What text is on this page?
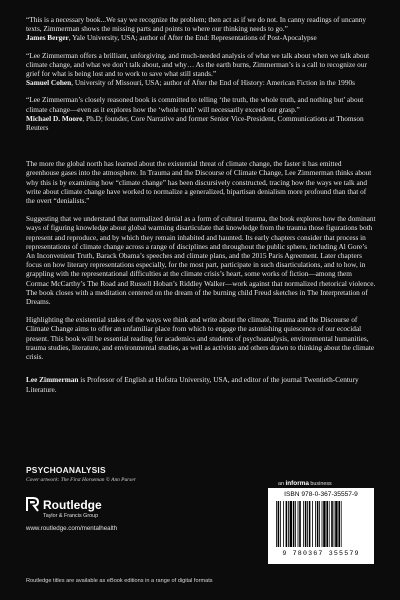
“This is a necessary book...We say we recognize the problem; then act as if we do not. In canny readings of uncanny texts, Zimmerman shows the missing parts and points to where our thinking needs to go.”
James Berger, Yale University, USA; author of After the End: Representations of Post-Apocalypse

“Lee Zimmerman offers a brilliant, unforgiving, and much-needed analysis of what we talk about when we talk about climate change, and what we don’t talk about, and why… As the earth burns, Zimmerman’s is a call to recognize our grief for what is being lost and to work to save what still stands.”
Samuel Cohen, University of Missouri, USA; author of After the End of History: American Fiction in the 1990s

“Lee Zimmerman’s closely reasoned book is committed to telling ‘the truth, the whole truth, and nothing but’ about climate change—even as it explores how the ‘whole truth’ will necessarily exceed our grasp.”
Michael D. Moore, Ph.D; founder, Core Narrative and former Senior Vice-President, Communications at Thomson Reuters

The more the global north has learned about the existential threat of climate change, the faster it has emitted greenhouse gases into the atmosphere. In Trauma and the Discourse of Climate Change, Lee Zimmerman thinks about why this is by examining how “climate change” has been discursively constructed, tracing how the ways we talk and write about climate change have worked to normalize a generalized, bipartisan denialism more profound than that of the overt “denialists.”

Suggesting that we understand that normalized denial as a form of cultural trauma, the book explores how the dominant ways of figuring knowledge about global warming disarticulate that knowledge from the trauma those figurations both represent and reproduce, and by which they remain inhabited and haunted. Its early chapters consider that process in representations of climate change across a range of disciplines and throughout the public sphere, including Al Gore’s An Inconvenient Truth, Barack Obama’s speeches and climate plans, and the 2015 Paris Agreement. Later chapters focus on how literary representations especially, for the most part, participate in such disarticulations, and to how, in grappling with the representational difficulties at the climate crisis’s heart, some works of fiction—among them Cormac McCarthy’s The Road and Russell Hoban’s Riddley Walker—work against that normalized rhetorical violence. The book closes with a meditation centered on the dream of the burning child Freud sketches in The Interpretation of Dreams.

Highlighting the existential stakes of the ways we think and write about the climate, Trauma and the Discourse of Climate Change aims to offer an unfamiliar place from which to engage the astonishing quiescence of our ecocidal present. This book will be essential reading for academics and students of psychoanalysis, environmental humanities, trauma studies, literature, and environmental studies, as well as activists and others drawn to thinking about the climate crisis.

Lee Zimmerman is Professor of English at Hofstra University, USA, and editor of the journal Twentieth-Century Literature.

PSYCHOANALYSIS
Cover artwork: The First Horseman © Ann Purser
Routledge
Taylor & Francis Group
www.routledge.com/mentalhealth
an informa business
ISBN 978-0-367-35557-9
9 780367 355579
Routledge titles are available as eBook editions in a range of digital formats
